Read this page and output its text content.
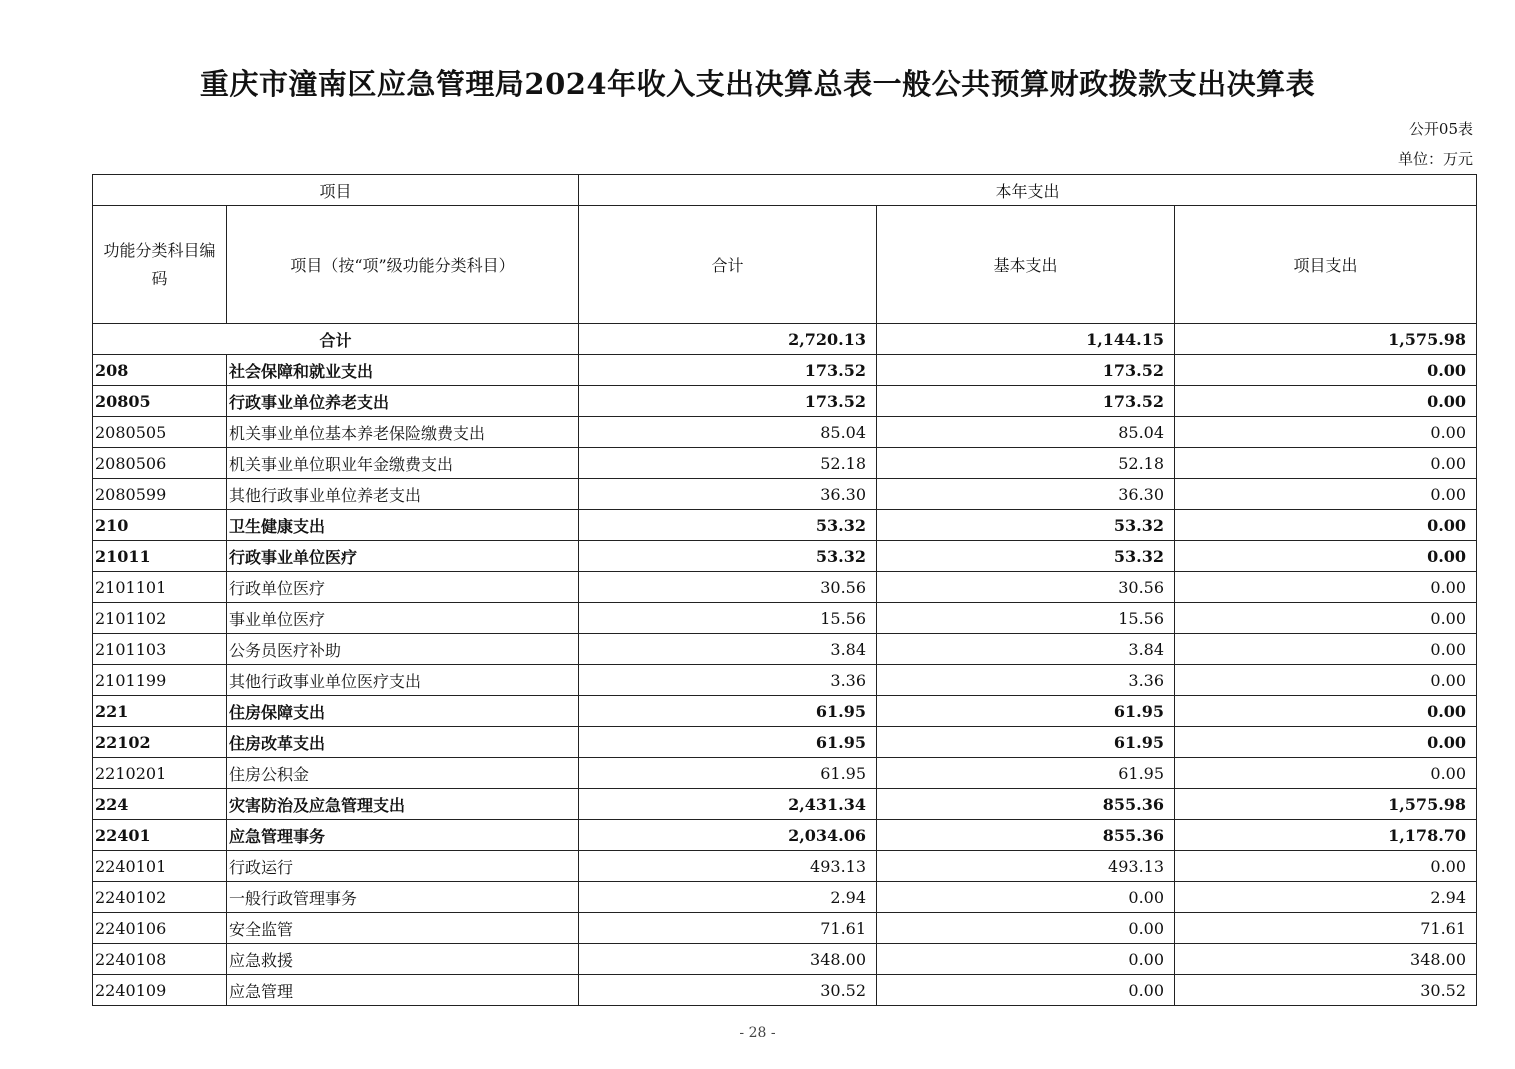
重庆市潼南区应急管理局2024年收入支出决算总表一般公共预算财政拨款支出决算表
公开05表
单位：万元
项目		本年支出		
功能分类科目编码	项目（按“项”级功能分类科目）	合计	基本支出	项目支出
合计		2,720.13	1,144.15	1,575.98
208	社会保障和就业支出	173.52	173.52	0.00
20805	行政事业单位养老支出	173.52	173.52	0.00
2080505	机关事业单位基本养老保险缴费支出	85.04	85.04	0.00
2080506	机关事业单位职业年金缴费支出	52.18	52.18	0.00
2080599	其他行政事业单位养老支出	36.30	36.30	0.00
210	卫生健康支出	53.32	53.32	0.00
21011	行政事业单位医疗	53.32	53.32	0.00
2101101	行政单位医疗	30.56	30.56	0.00
2101102	事业单位医疗	15.56	15.56	0.00
2101103	公务员医疗补助	3.84	3.84	0.00
2101199	其他行政事业单位医疗支出	3.36	3.36	0.00
221	住房保障支出	61.95	61.95	0.00
22102	住房改革支出	61.95	61.95	0.00
2210201	住房公积金	61.95	61.95	0.00
224	灾害防治及应急管理支出	2,431.34	855.36	1,575.98
22401	应急管理事务	2,034.06	855.36	1,178.70
2240101	行政运行	493.13	493.13	0.00
2240102	一般行政管理事务	2.94	0.00	2.94
2240106	安全监管	71.61	0.00	71.61
2240108	应急救援	348.00	0.00	348.00
2240109	应急管理	30.52	0.00	30.52
- 28 -
